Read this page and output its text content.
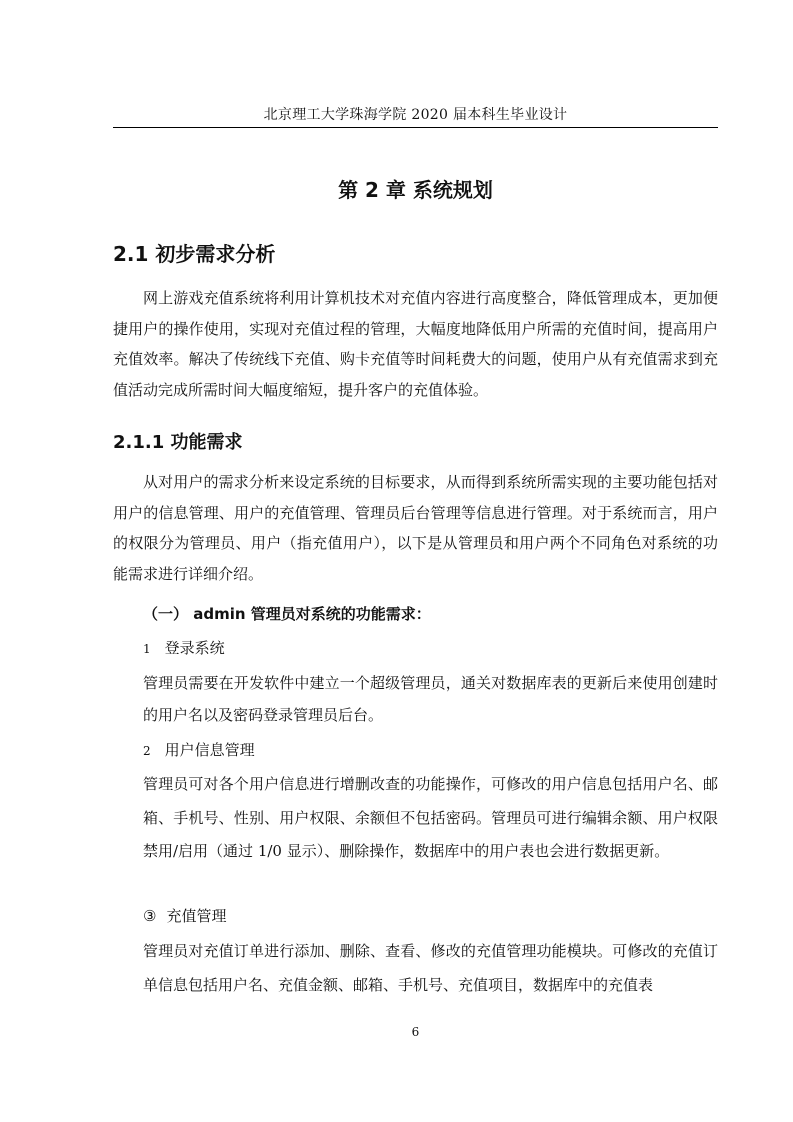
北京理工大学珠海学院 2020 届本科生毕业设计
第 2 章 系统规划
2.1 初步需求分析

网上游戏充值系统将利用计算机技术对充值内容进行高度整合，降低管理成本，更加便捷用户的操作使用，实现对充值过程的管理，大幅度地降低用户所需的充值时间，提高用户充值效率。解决了传统线下充值、购卡充值等时间耗费大的问题，使用户从有充值需求到充值活动完成所需时间大幅度缩短，提升客户的充值体验。

2.1.1 功能需求

从对用户的需求分析来设定系统的目标要求，从而得到系统所需实现的主要功能包括对用户的信息管理、用户的充值管理、管理员后台管理等信息进行管理。对于系统而言，用户的权限分为管理员、用户（指充值用户），以下是从管理员和用户两个不同角色对系统的功能需求进行详细介绍。

（一） admin 管理员对系统的功能需求：
1 登录系统

管理员需要在开发软件中建立一个超级管理员，通关对数据库表的更新后来使用创建时的用户名以及密码登录管理员后台。

2 用户信息管理

管理员可对各个用户信息进行增删改查的功能操作，可修改的用户信息包括用户名、邮箱、手机号、性别、用户权限、余额但不包括密码。管理员可进行编辑余额、用户权限禁用/启用（通过 1/0 显示）、删除操作，数据库中的用户表也会进行数据更新。

③ 充值管理

管理员对充值订单进行添加、删除、查看、修改的充值管理功能模块。可修改的充值订单信息包括用户名、充值金额、邮箱、手机号、充值项目，数据库中的充值表

6
